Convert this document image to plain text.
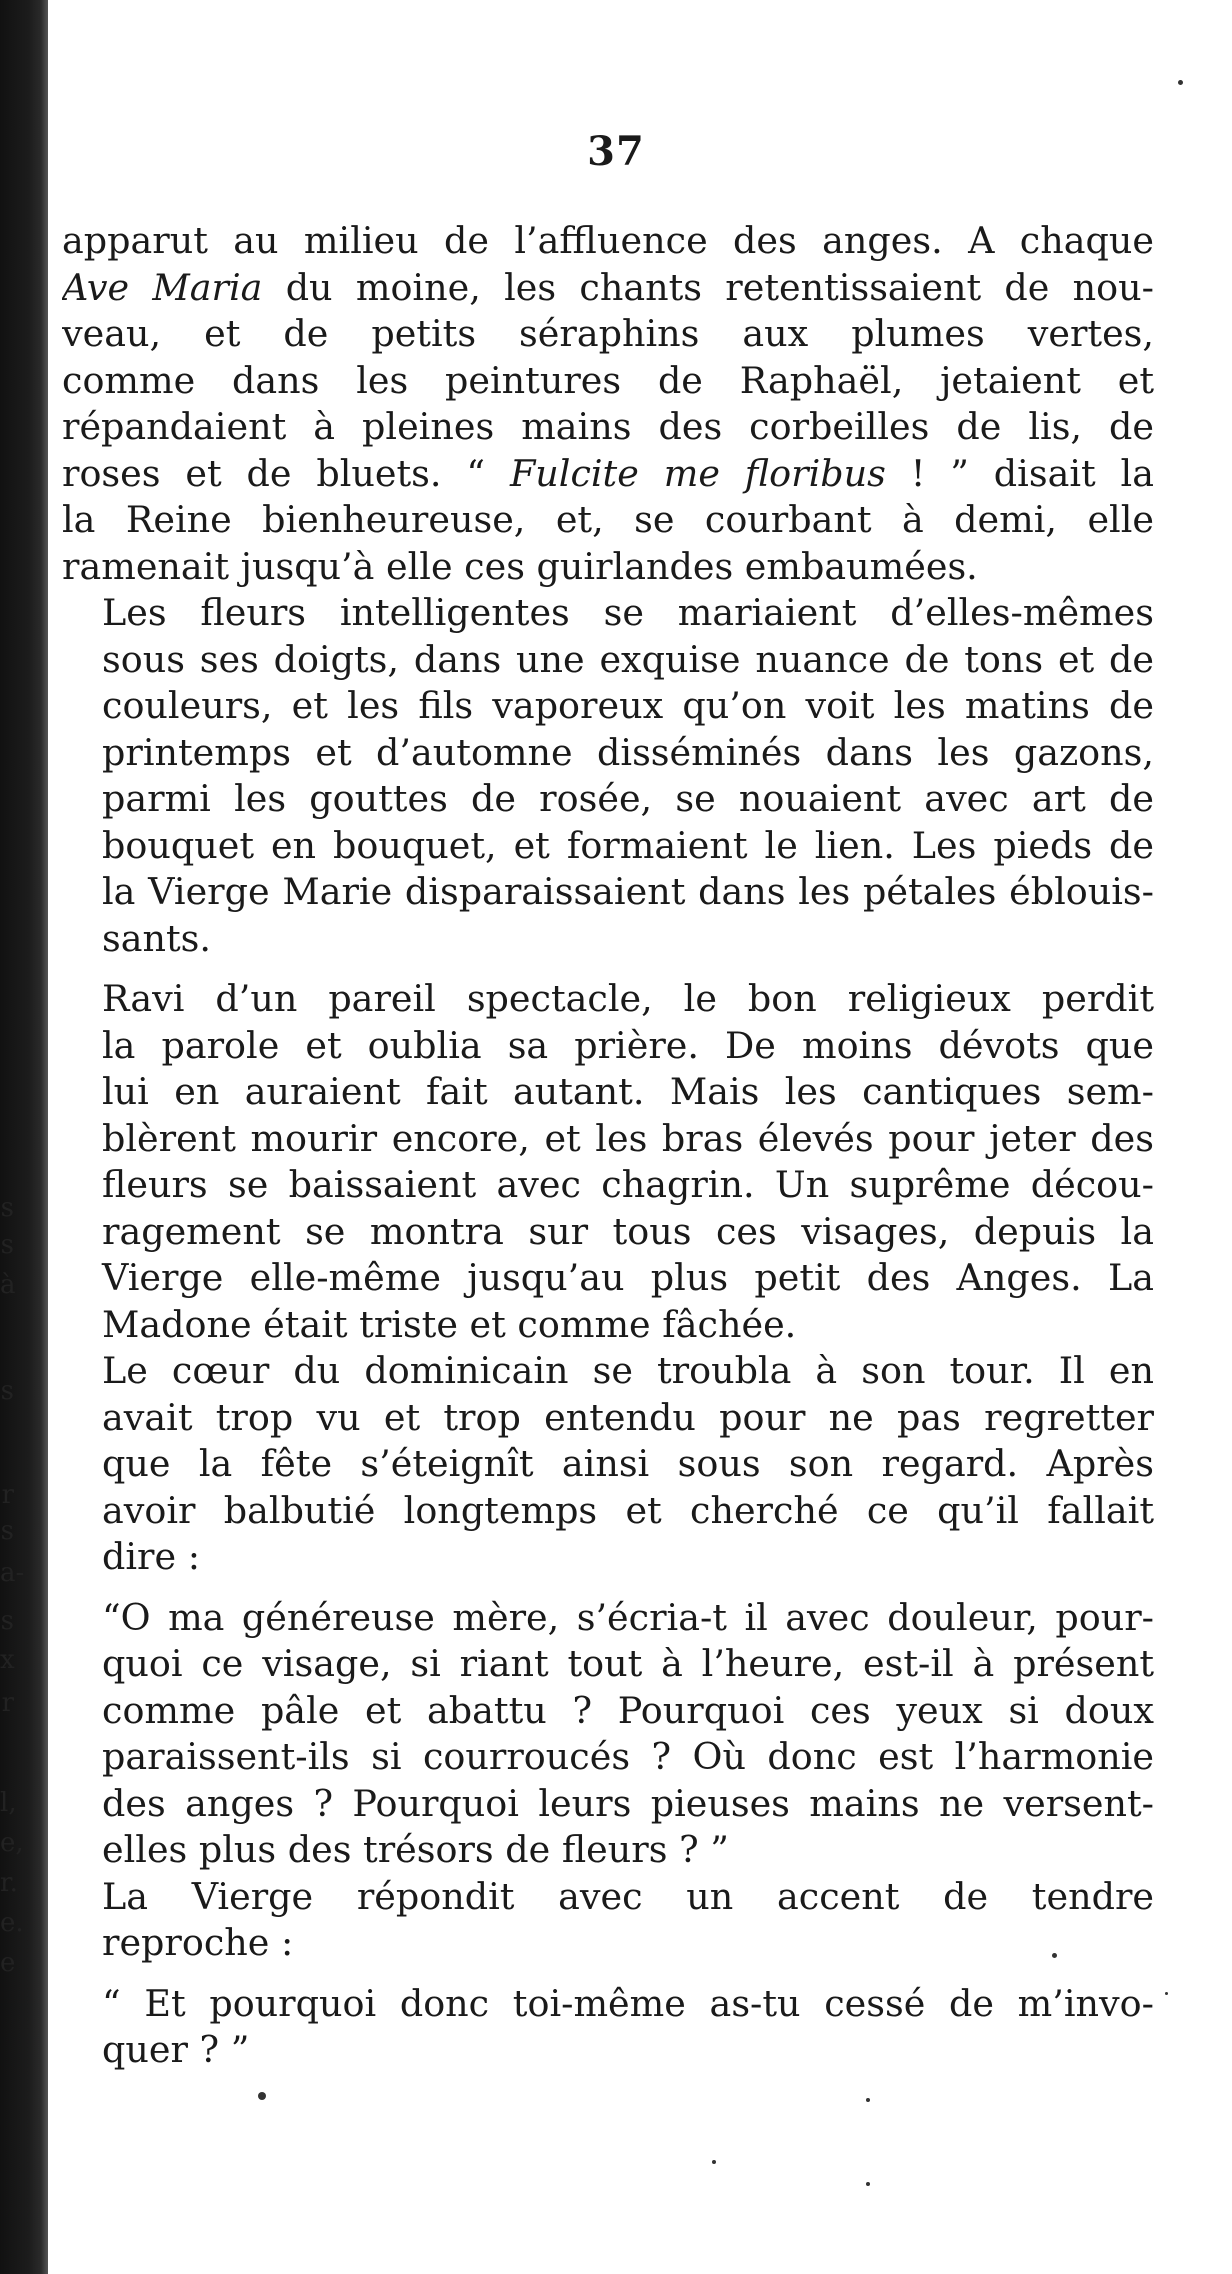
s
s
à
s
r
s
a-
s
x
r
l,
e,
r.
e.
e
37

apparut au milieu de l’affluence des anges. A chaque
Ave Maria du moine, les chants retentissaient de nou-
veau, et de petits séraphins aux plumes vertes,
comme dans les peintures de Raphaël, jetaient et
répandaient à pleines mains des corbeilles de lis, de
roses et de bluets. “ Fulcite me floribus ! ” disait la
la Reine bienheureuse, et, se courbant à demi, elle
ramenait jusqu’à elle ces guirlandes embaumées.

Les fleurs intelligentes se mariaient d’elles-mêmes
sous ses doigts, dans une exquise nuance de tons et de
couleurs, et les fils vaporeux qu’on voit les matins de
printemps et d’automne disséminés dans les gazons,
parmi les gouttes de rosée, se nouaient avec art de
bouquet en bouquet, et formaient le lien. Les pieds de
la Vierge Marie disparaissaient dans les pétales éblouis-
sants.

Ravi d’un pareil spectacle, le bon religieux perdit
la parole et oublia sa prière. De moins dévots que
lui en auraient fait autant. Mais les cantiques sem-
blèrent mourir encore, et les bras élevés pour jeter des
fleurs se baissaient avec chagrin. Un suprême décou-
ragement se montra sur tous ces visages, depuis la
Vierge elle-même jusqu’au plus petit des Anges. La
Madone était triste et comme fâchée.

Le cœur du dominicain se troubla à son tour. Il en
avait trop vu et trop entendu pour ne pas regretter
que la fête s’éteignît ainsi sous son regard. Après
avoir balbutié longtemps et cherché ce qu’il fallait
dire :

“O ma généreuse mère, s’écria-t il avec douleur, pour-
quoi ce visage, si riant tout à l’heure, est-il à présent
comme pâle et abattu ? Pourquoi ces yeux si doux
paraissent-ils si courroucés ? Où donc est l’harmonie
des anges ? Pourquoi leurs pieuses mains ne versent-
elles plus des trésors de fleurs ? ”

La Vierge répondit avec un accent de tendre
reproche :

“ Et pourquoi donc toi-même as-tu cessé de m’invo-
quer ? ”
